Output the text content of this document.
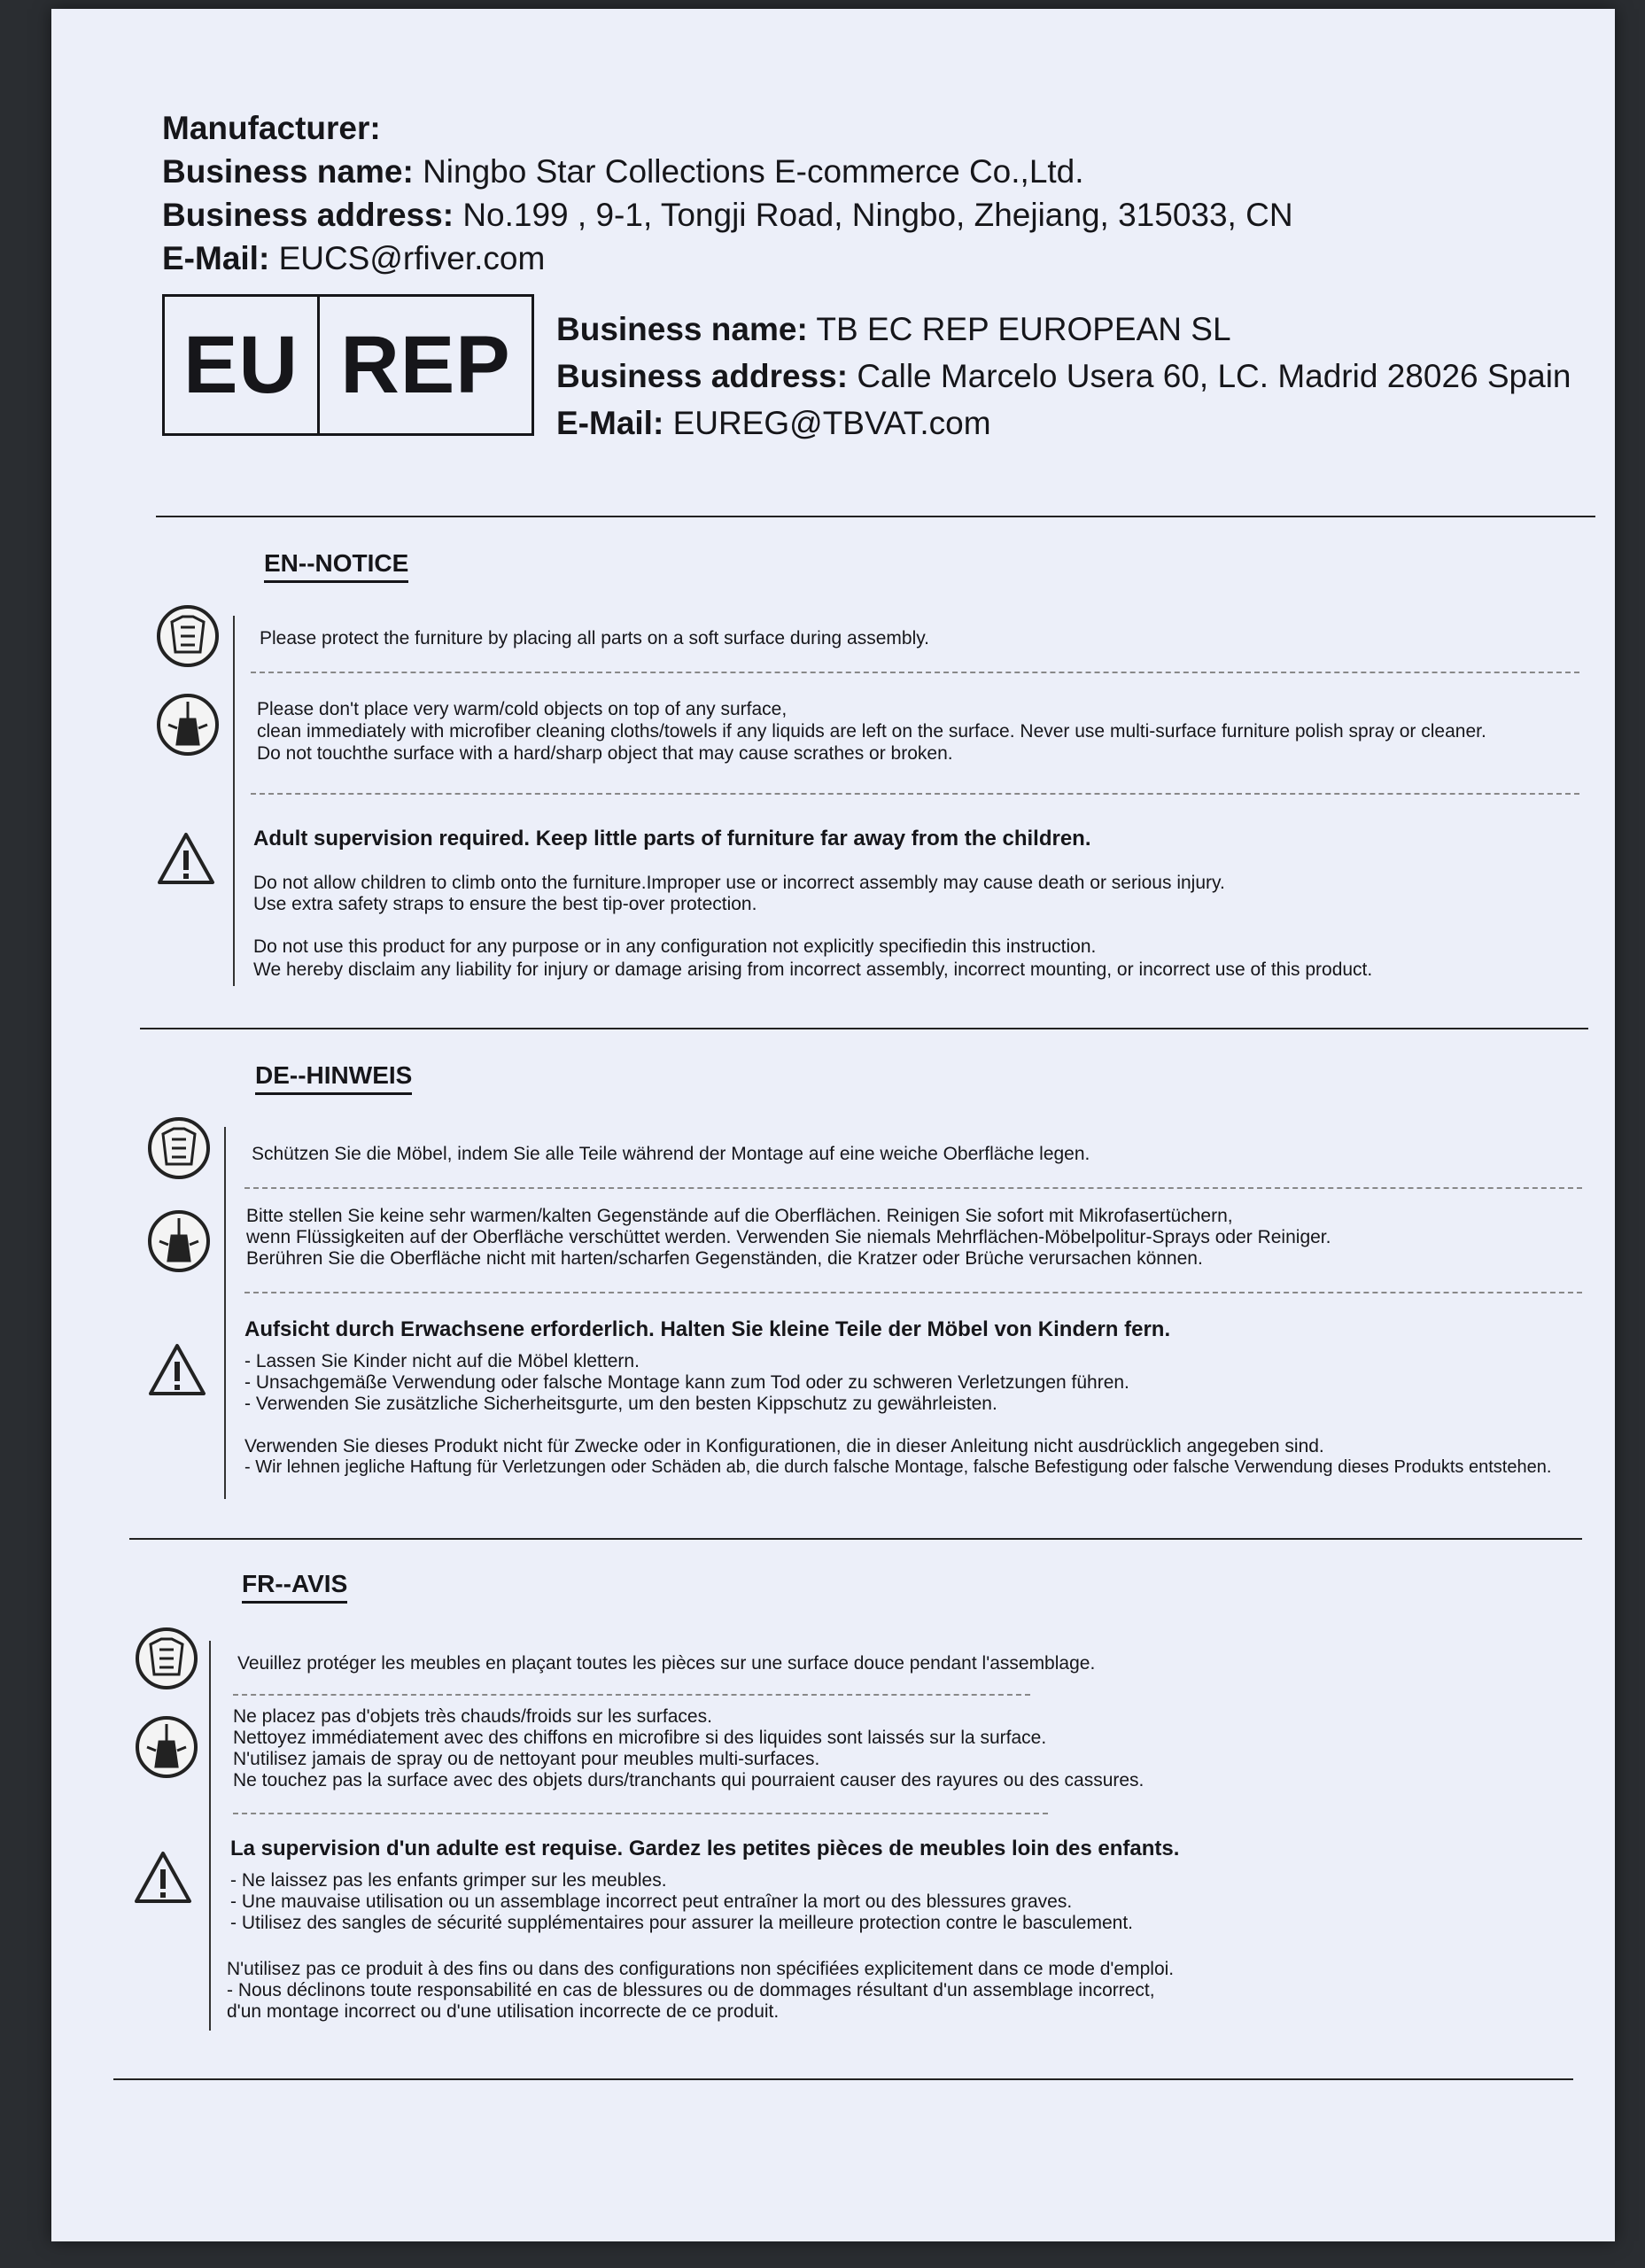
Manufacturer:
Business name: Ningbo Star Collections E-commerce Co.,Ltd.
Business address: No.199 , 9-1, Tongji Road, Ningbo, Zhejiang, 315033, CN
E-Mail: EUCS@rfiver.com
EU REP	Business name: TB EC REP EUROPEAN SL
Business address: Calle Marcelo Usera 60, LC. Madrid 28026 Spain
E-Mail: EUREG@TBVAT.com
EN--NOTICE
Please protect the furniture by placing all parts on a soft surface during assembly.
Please don't place very warm/cold objects on top of any surface,
clean immediately with microfiber cleaning cloths/towels if any liquids are left on the surface. Never use multi-surface furniture polish spray or cleaner.
Do not touchthe surface with a hard/sharp object that may cause scrathes or broken.
Adult supervision required. Keep little parts of furniture far away from the children.
Do not allow children to climb onto the furniture.Improper use or incorrect assembly may cause death or serious injury.
Use extra safety straps to ensure the best tip-over protection.
Do not use this product for any purpose or in any configuration not explicitly specifiedin this instruction.
We hereby disclaim any liability for injury or damage arising from incorrect assembly, incorrect mounting, or incorrect use of this product.
DE--HINWEIS
Schützen Sie die Möbel, indem Sie alle Teile während der Montage auf eine weiche Oberfläche legen.
Bitte stellen Sie keine sehr warmen/kalten Gegenstände auf die Oberflächen. Reinigen Sie sofort mit Mikrofasertüchern,
wenn Flüssigkeiten auf der Oberfläche verschüttet werden. Verwenden Sie niemals Mehrflächen-Möbelpolitur-Sprays oder Reiniger.
Berühren Sie die Oberfläche nicht mit harten/scharfen Gegenständen, die Kratzer oder Brüche verursachen können.
Aufsicht durch Erwachsene erforderlich. Halten Sie kleine Teile der Möbel von Kindern fern.
- Lassen Sie Kinder nicht auf die Möbel klettern.
- Unsachgemäße Verwendung oder falsche Montage kann zum Tod oder zu schweren Verletzungen führen.
- Verwenden Sie zusätzliche Sicherheitsgurte, um den besten Kippschutz zu gewährleisten.
Verwenden Sie dieses Produkt nicht für Zwecke oder in Konfigurationen, die in dieser Anleitung nicht ausdrücklich angegeben sind.
- Wir lehnen jegliche Haftung für Verletzungen oder Schäden ab, die durch falsche Montage, falsche Befestigung oder falsche Verwendung dieses Produkts entstehen.
FR--AVIS
Veuillez protéger les meubles en plaçant toutes les pièces sur une surface douce pendant l'assemblage.
Ne placez pas d'objets très chauds/froids sur les surfaces.
Nettoyez immédiatement avec des chiffons en microfibre si des liquides sont laissés sur la surface.
N'utilisez jamais de spray ou de nettoyant pour meubles multi-surfaces.
Ne touchez pas la surface avec des objets durs/tranchants qui pourraient causer des rayures ou des cassures.
La supervision d'un adulte est requise. Gardez les petites pièces de meubles loin des enfants.
- Ne laissez pas les enfants grimper sur les meubles.
- Une mauvaise utilisation ou un assemblage incorrect peut entraîner la mort ou des blessures graves.
- Utilisez des sangles de sécurité supplémentaires pour assurer la meilleure protection contre le basculement.
N'utilisez pas ce produit à des fins ou dans des configurations non spécifiées explicitement dans ce mode d'emploi.
- Nous déclinons toute responsabilité en cas de blessures ou de dommages résultant d'un assemblage incorrect,
d'un montage incorrect ou d'une utilisation incorrecte de ce produit.
